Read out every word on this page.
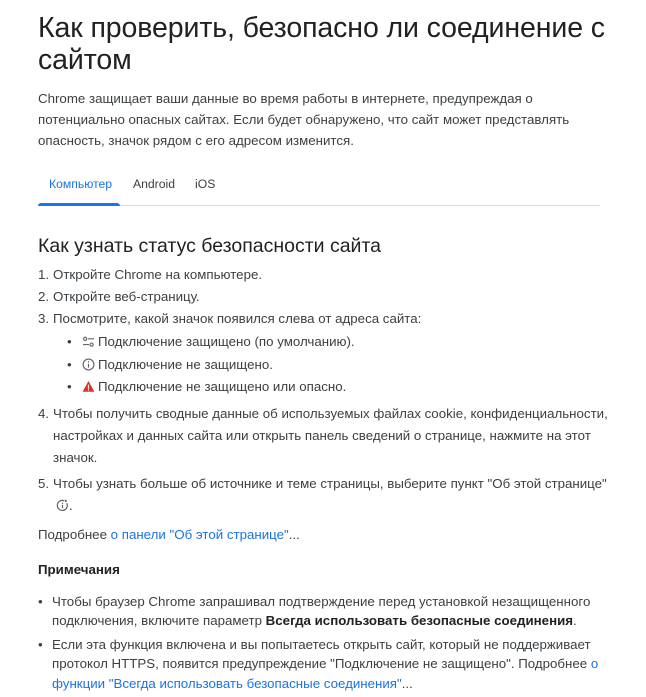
Как проверить, безопасно ли соединение с сайтом

Chrome защищает ваши данные во время работы в интернете, предупреждая о потенциально опасных сайтах. Если будет обнаружено, что сайт может представлять опасность, значок рядом с его адресом изменится.

Компьютер Android iOS
Как узнать статус безопасности сайта
1. Откройте Chrome на компьютере.
2. Откройте веб-страницу.
3. Посмотрите, какой значок появился слева от адреса сайта:
• Подключение защищено (по умолчанию).
• Подключение не защищено.
• Подключение не защищено или опасно.
4. Чтобы получить сводные данные об используемых файлах cookie, конфиденциальности, настройках и данных сайта или открыть панель сведений о странице, нажмите на этот значок.
5. Чтобы узнать больше об источнике и теме страницы, выберите пункт "Об этой странице" .
Подробнее о панели "Об этой странице"...
Примечания
• Чтобы браузер Chrome запрашивал подтверждение перед установкой незащищенного подключения, включите параметр Всегда использовать безопасные соединения.
• Если эта функция включена и вы попытаетесь открыть сайт, который не поддерживает протокол HTTPS, появится предупреждение "Подключение не защищено". Подробнее о функции "Всегда использовать безопасные соединения"...
